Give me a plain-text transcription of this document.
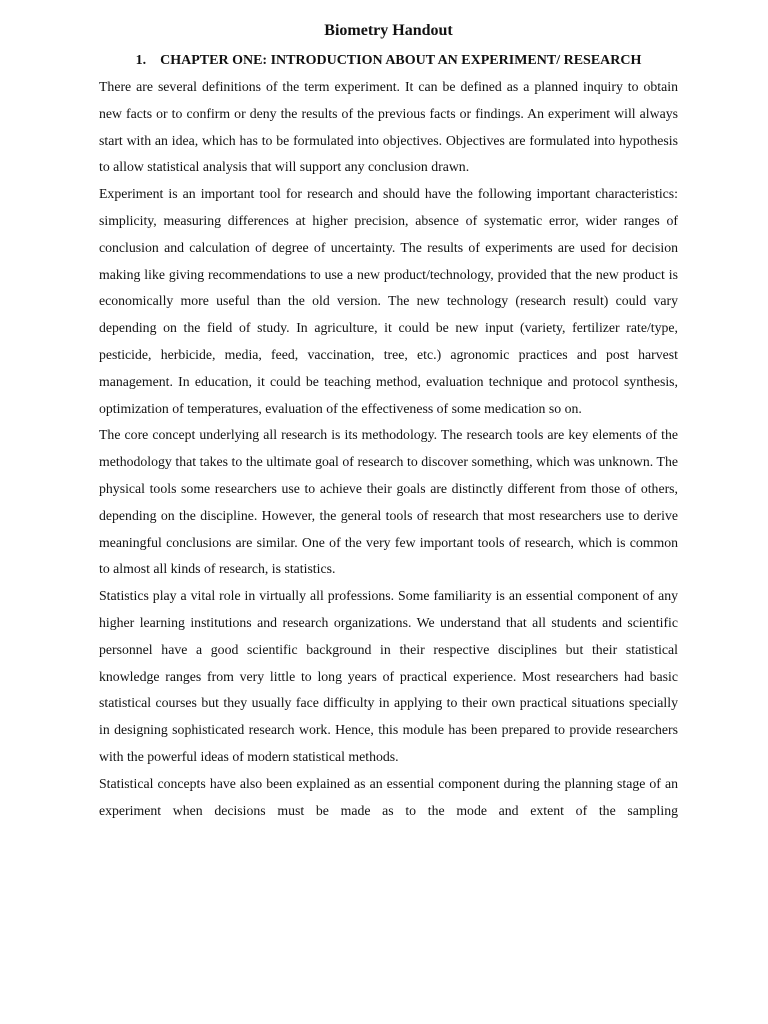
Biometry Handout
1. CHAPTER ONE: INTRODUCTION ABOUT AN EXPERIMENT/ RESEARCH

There are several definitions of the term experiment. It can be defined as a planned inquiry to obtain new facts or to confirm or deny the results of the previous facts or findings. An experiment will always start with an idea, which has to be formulated into objectives. Objectives are formulated into hypothesis to allow statistical analysis that will support any conclusion drawn.

Experiment is an important tool for research and should have the following important characteristics: simplicity, measuring differences at higher precision, absence of systematic error, wider ranges of conclusion and calculation of degree of uncertainty. The results of experiments are used for decision making like giving recommendations to use a new product/technology, provided that the new product is economically more useful than the old version. The new technology (research result) could vary depending on the field of study. In agriculture, it could be new input (variety, fertilizer rate/type, pesticide, herbicide, media, feed, vaccination, tree, etc.) agronomic practices and post harvest management. In education, it could be teaching method, evaluation technique and protocol synthesis, optimization of temperatures, evaluation of the effectiveness of some medication so on.

The core concept underlying all research is its methodology. The research tools are key elements of the methodology that takes to the ultimate goal of research to discover something, which was unknown. The physical tools some researchers use to achieve their goals are distinctly different from those of others, depending on the discipline. However, the general tools of research that most researchers use to derive meaningful conclusions are similar. One of the very few important tools of research, which is common to almost all kinds of research, is statistics.

Statistics play a vital role in virtually all professions. Some familiarity is an essential component of any higher learning institutions and research organizations. We understand that all students and scientific personnel have a good scientific background in their respective disciplines but their statistical knowledge ranges from very little to long years of practical experience. Most researchers had basic statistical courses but they usually face difficulty in applying to their own practical situations specially in designing sophisticated research work. Hence, this module has been prepared to provide researchers with the powerful ideas of modern statistical methods.

Statistical concepts have also been explained as an essential component during the planning stage of an experiment when decisions must be made as to the mode and extent of the sampling
